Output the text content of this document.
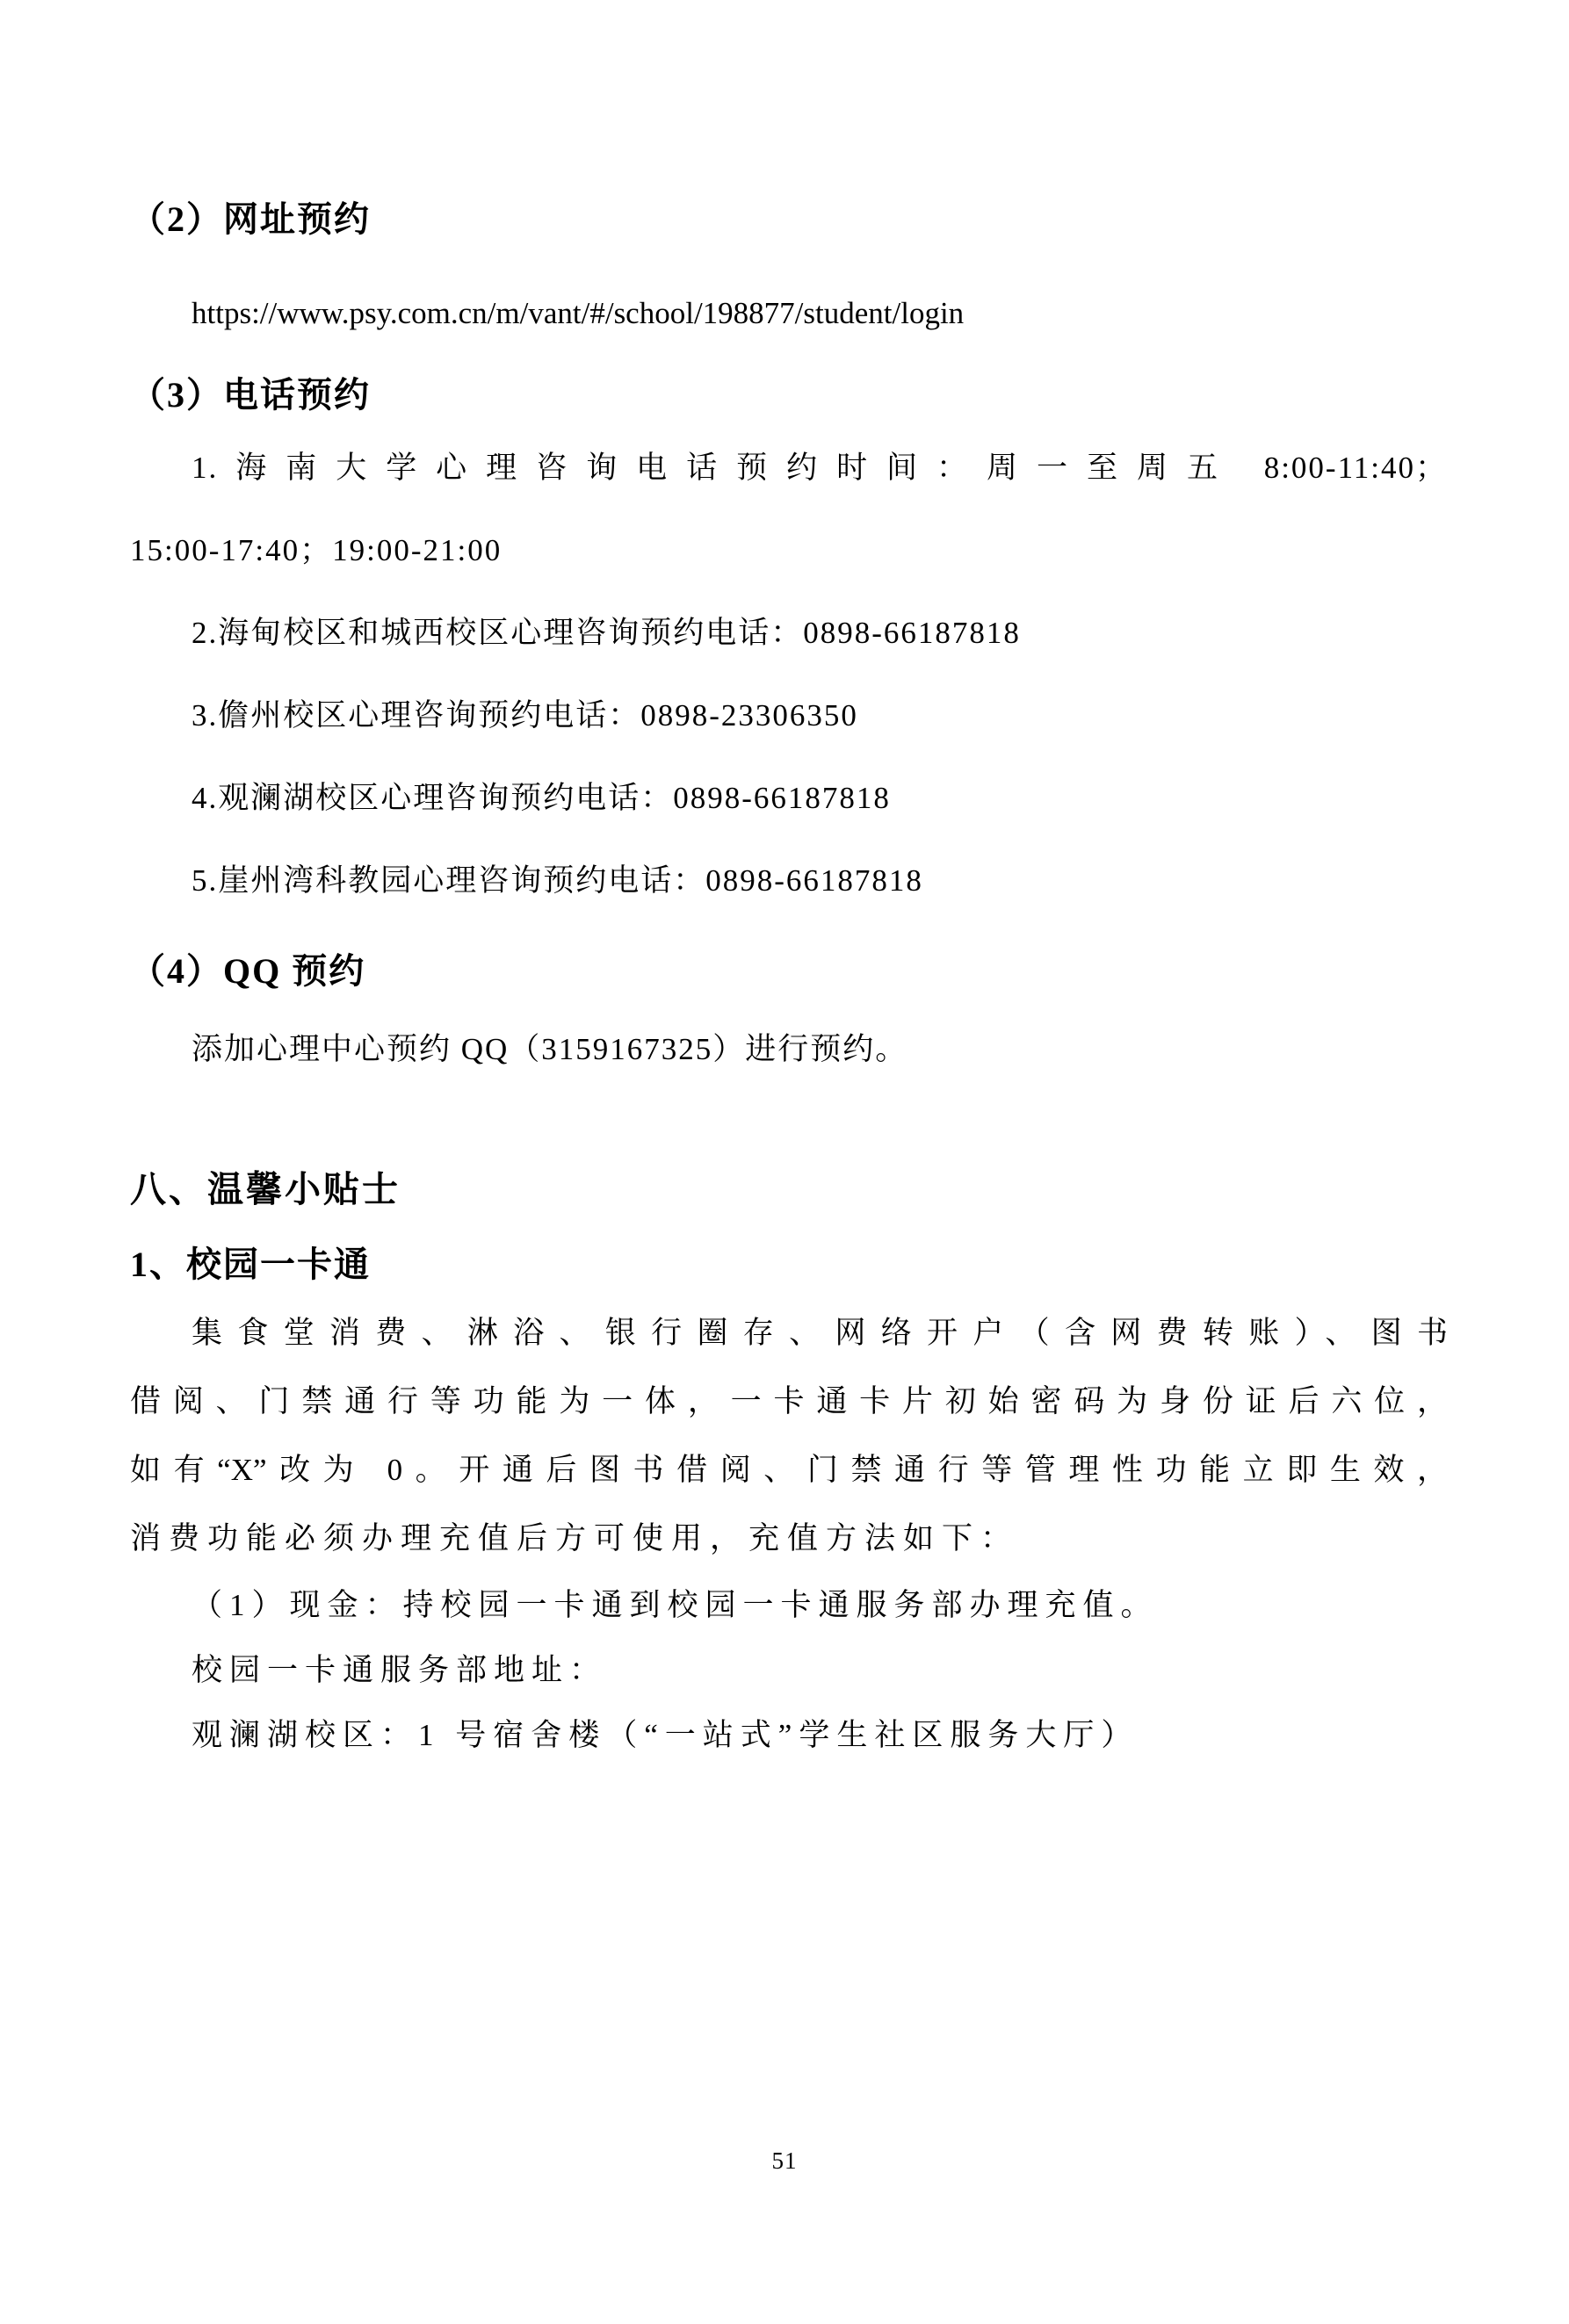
（2）网址预约

https://www.psy.com.cn/m/vant/#/school/198877/student/login

（3）电话预约

1.海南大学心理咨询电话预约时间：周一至周五 8:00-11:40；
15:00-17:40；19:00-21:00

2.海甸校区和城西校区心理咨询预约电话：0898-66187818

3.儋州校区心理咨询预约电话：0898-23306350

4.观澜湖校区心理咨询预约电话：0898-66187818

5.崖州湾科教园心理咨询预约电话：0898-66187818

（4）QQ 预约

添加心理中心预约 QQ（3159167325）进行预约。

八、温馨小贴士
1、校园一卡通

集食堂消费、淋浴、银行圈存、网络开户（含网费转账）、图书
借阅、门禁通行等功能为一体，一卡通卡片初始密码为身份证后六位，
如有“X”改为 0。开通后图书借阅、门禁通行等管理性功能立即生效，
消费功能必须办理充值后方可使用，充值方法如下：

（1）现金：持校园一卡通到校园一卡通服务部办理充值。

校园一卡通服务部地址：

观澜湖校区：1 号宿舍楼（“一站式”学生社区服务大厅）

51
